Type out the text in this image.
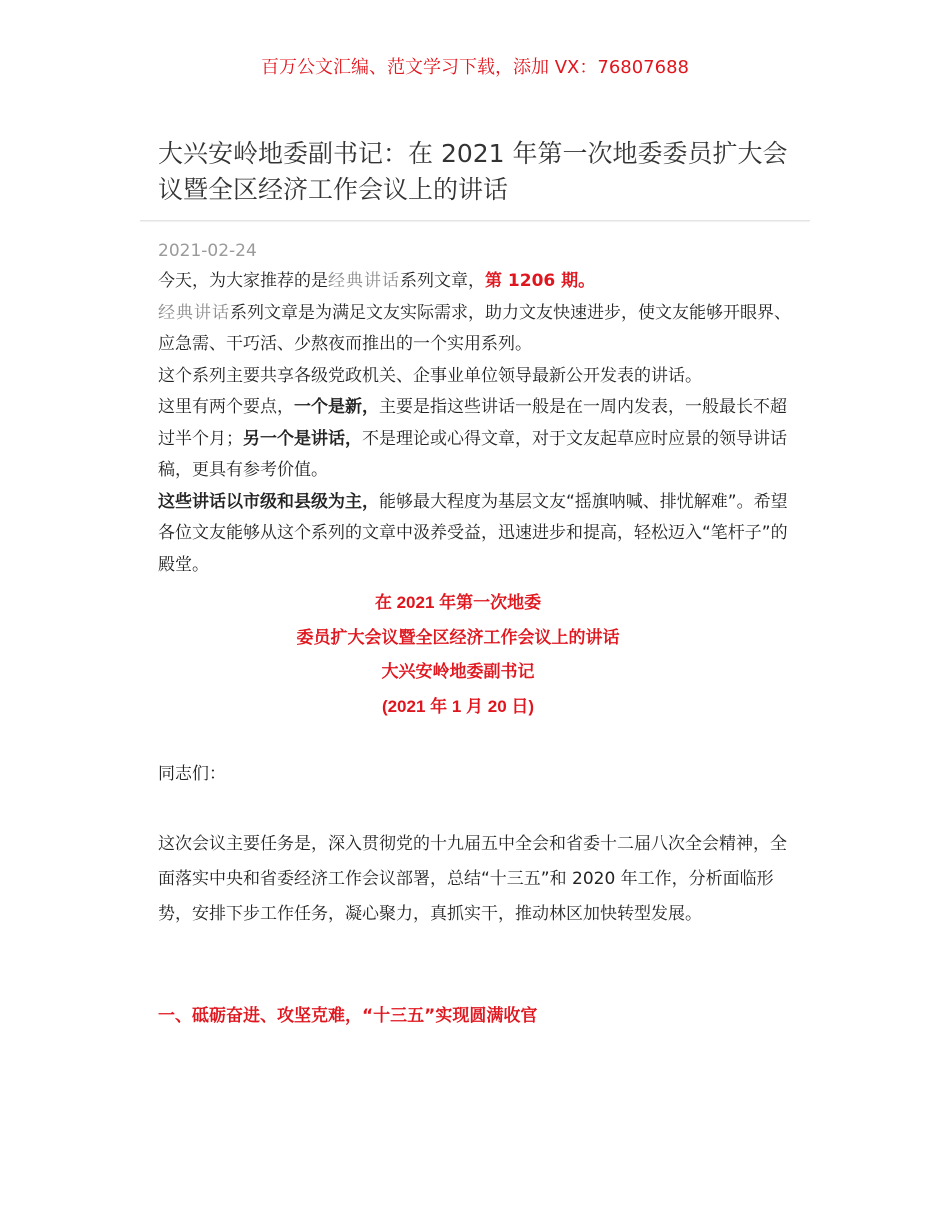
百万公文汇编、范文学习下载，添加 VX：76807688
大兴安岭地委副书记：在 2021 年第一次地委委员扩大会议暨全区经济工作会议上的讲话
2021-02-24

今天，为大家推荐的是经典讲话系列文章，第 1206 期。

经典讲话系列文章是为满足文友实际需求，助力文友快速进步，使文友能够开眼界、应急需、干巧活、少熬夜而推出的一个实用系列。

这个系列主要共享各级党政机关、企事业单位领导最新公开发表的讲话。

这里有两个要点，一个是新，主要是指这些讲话一般是在一周内发表，一般最长不超过半个月；另一个是讲话，不是理论或心得文章，对于文友起草应时应景的领导讲话稿，更具有参考价值。

这些讲话以市级和县级为主，能够最大程度为基层文友“摇旗呐喊、排忧解难”。希望各位文友能够从这个系列的文章中汲养受益，迅速进步和提高，轻松迈入“笔杆子”的殿堂。

在 2021 年第一次地委
委员扩大会议暨全区经济工作会议上的讲话
大兴安岭地委副书记
(2021 年 1 月 20 日)
同志们：
这次会议主要任务是，深入贯彻党的十九届五中全会和省委十二届八次全会精神，全面落实中央和省委经济工作会议部署，总结“十三五”和 2020 年工作，分析面临形势，安排下步工作任务，凝心聚力，真抓实干，推动林区加快转型发展。
一、砥砺奋进、攻坚克难，“十三五”实现圆满收官
